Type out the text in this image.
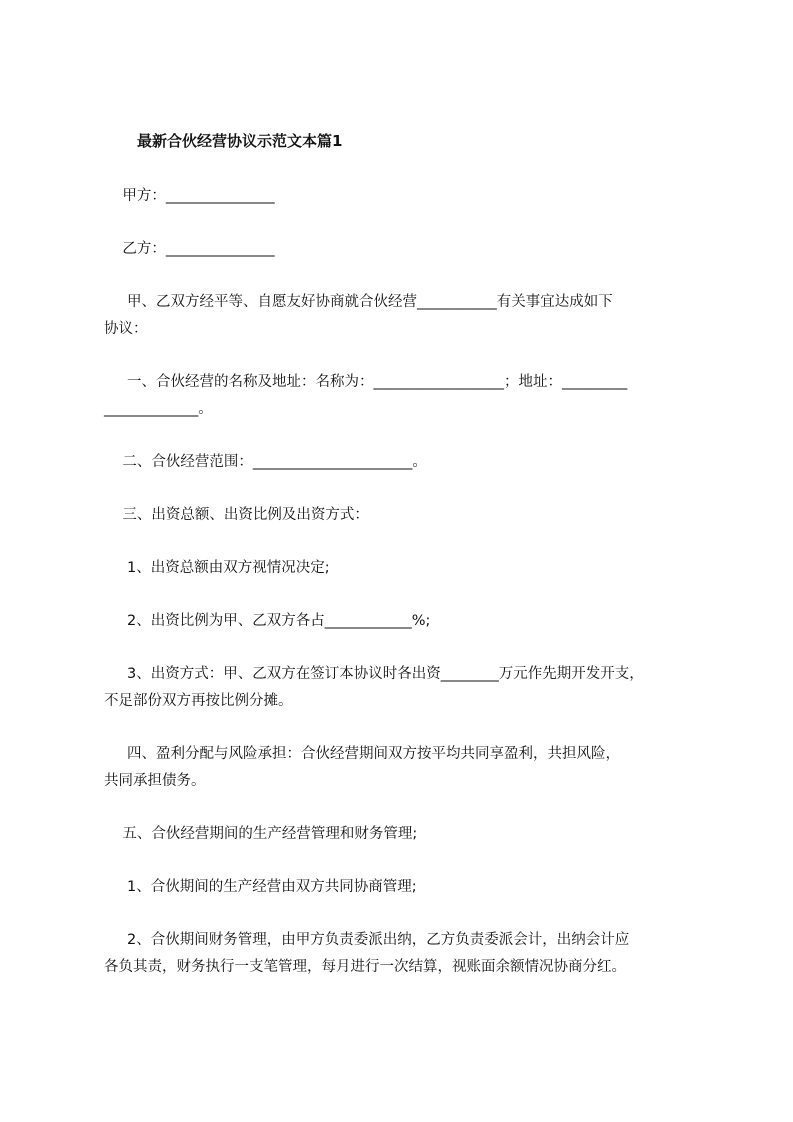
最新合伙经营协议示范文本篇1
甲方：_______________
乙方：_______________
甲、乙双方经平等、自愿友好协商就合伙经营___________有关事宜达成如下
协议：
一、合伙经营的名称及地址：名称为：__________________；地址：_________
_____________。
二、合伙经营范围：______________________。
三、出资总额、出资比例及出资方式：
1、出资总额由双方视情况决定;
2、出资比例为甲、乙双方各占____________%;
3、出资方式：甲、乙双方在签订本协议时各出资________万元作先期开发开支，
不足部份双方再按比例分摊。
四、盈利分配与风险承担：合伙经营期间双方按平均共同享盈利，共担风险，
共同承担债务。
五、合伙经营期间的生产经营管理和财务管理;
1、合伙期间的生产经营由双方共同协商管理;
2、合伙期间财务管理，由甲方负责委派出纳，乙方负责委派会计，出纳会计应
各负其责，财务执行一支笔管理，每月进行一次结算，视账面余额情况协商分红。
